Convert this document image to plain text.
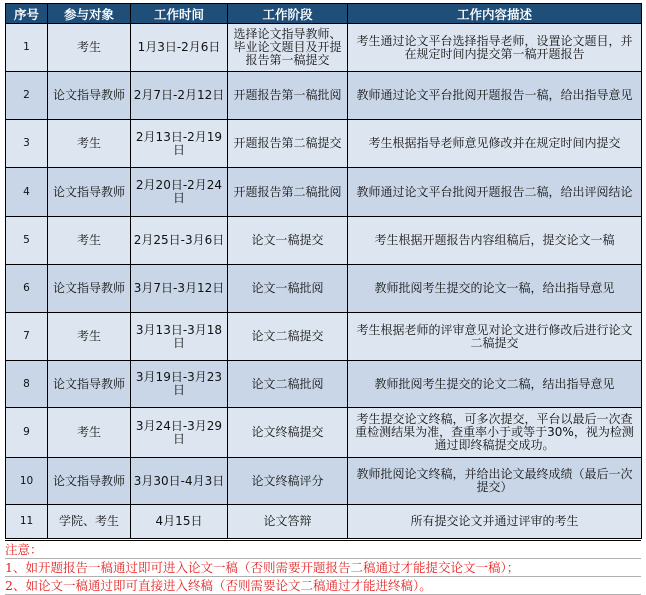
序号	参与对象	工作时间	工作阶段	工作内容描述
1	考生	1月3日-2月6日	选择论文指导教师、毕业论文题目及开提报告第一稿提交	考生通过论文平台选择指导老师，设置论文题目，并在规定时间内提交第一稿开题报告
2	论文指导教师	2月7日-2月12日	开题报告第一稿批阅	教师通过论文平台批阅开题报告一稿，给出指导意见
3	考生	2月13日-2月19日	开题报告第二稿提交	考生根据指导老师意见修改并在规定时间内提交
4	论文指导教师	2月20日-2月24日	开题报告第二稿批阅	教师通过论文平台批阅开题报告二稿，给出评阅结论
5	考生	2月25日-3月6日	论文一稿提交	考生根据开题报告内容组稿后，提交论文一稿
6	论文指导教师	3月7日-3月12日	论文一稿批阅	教师批阅考生提交的论文一稿，给出指导意见
7	考生	3月13日-3月18日	论文二稿提交	考生根据老师的评审意见对论文进行修改后进行论文二稿提交
8	论文指导教师	3月19日-3月23日	论文二稿批阅	教师批阅考生提交的论文二稿，结出指导意见
9	考生	3月24日-3月29日	论文终稿提交	考生提交论文终稿，可多次提交，平台以最后一次查重检测结果为准，查重率小于或等于30%，视为检测通过即终稿提交成功。
10	论文指导教师	3月30日-4月3日	论文终稿评分	教师批阅论文终稿，并给出论文最终成绩（最后一次提交）
11	学院、考生	4月15日	论文答辩	所有提交论文并通过评审的考生
注意：
1、如开题报告一稿通过即可进入论文一稿（否则需要开题报告二稿通过才能提交论文一稿）；
2、如论文一稿通过即可直接进入终稿（否则需要论文二稿通过才能进终稿）。
